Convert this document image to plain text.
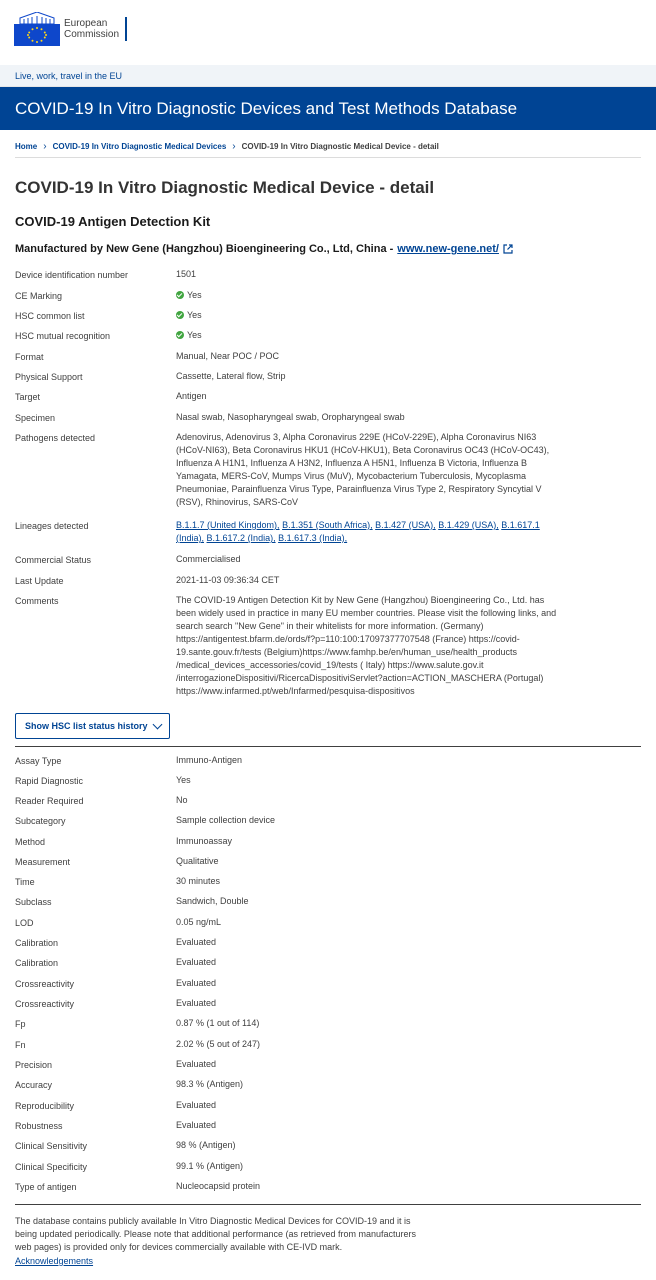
European
Commission
Live, work, travel in the EU
COVID-19 In Vitro Diagnostic Devices and Test Methods Database
Home › COVID-19 In Vitro Diagnostic Medical Devices › COVID-19 In Vitro Diagnostic Medical Device - detail
COVID-19 In Vitro Diagnostic Medical Device - detail
COVID-19 Antigen Detection Kit
Manufactured by New Gene (Hangzhou) Bioengineering Co., Ltd, China - www.new-gene.net/
Device identification number	1501
CE Marking	Yes
HSC common list	Yes
HSC mutual recognition	Yes
Format	Manual, Near POC / POC
Physical Support	Cassette, Lateral flow, Strip
Target	Antigen
Specimen	Nasal swab, Nasopharyngeal swab, Oropharyngeal swab
Pathogens detected	Adenovirus, Adenovirus 3, Alpha Coronavirus 229E (HCoV-229E), Alpha Coronavirus NI63 (HCoV-NI63), Beta Coronavirus HKU1 (HCoV-HKU1), Beta Coronavirus OC43 (HCoV-OC43), Influenza A H1N1, Influenza A H3N2, Influenza A H5N1, Influenza B Victoria, Influenza B Yamagata, MERS-CoV, Mumps Virus (MuV), Mycobacterium Tuberculosis, Mycoplasma Pneumoniae, Parainfluenza Virus Type, Parainfluenza Virus Type 2, Respiratory Syncytial V (RSV), Rhinovirus, SARS-CoV
Lineages detected	B.1.1.7 (United Kingdom), B.1.351 (South Africa), B.1.427 (USA), B.1.429 (USA), B.1.617.1 (India), B.1.617.2 (India), B.1.617.3 (India),
Commercial Status	Commercialised
Last Update	2021-11-03 09:36:34 CET
Comments	The COVID-19 Antigen Detection Kit by New Gene (Hangzhou) Bioengineering Co., Ltd. has been widely used in practice in many EU member countries. Please visit the following links, and search search "New Gene" in their whitelists for more information. (Germany) https://antigentest.bfarm.de/ords/f?p=110:100:17097377707548 (France) https://covid-19.sante.gouv.fr/tests (Belgium)https://www.famhp.be/en/human_use/health_products /medical_devices_accessories/covid_19/tests ( Italy) https://www.salute.gov.it /interrogazioneDispositivi/RicercaDispositiviServlet?action=ACTION_MASCHERA (Portugal) https://www.infarmed.pt/web/Infarmed/pesquisa-dispositivos
Show HSC list status history
Assay Type	Immuno-Antigen
Rapid Diagnostic	Yes
Reader Required	No
Subcategory	Sample collection device
Method	Immunoassay
Measurement	Qualitative
Time	30 minutes
Subclass	Sandwich, Double
LOD	0.05 ng/mL
Calibration	Evaluated
Calibration	Evaluated
Crossreactivity	Evaluated
Crossreactivity	Evaluated
Fp	0.87 % (1 out of 114)
Fn	2.02 % (5 out of 247)
Precision	Evaluated
Accuracy	98.3 % (Antigen)
Reproducibility	Evaluated
Robustness	Evaluated
Clinical Sensitivity	98 % (Antigen)
Clinical Specificity	99.1 % (Antigen)
Type of antigen	Nucleocapsid protein
The database contains publicly available In Vitro Diagnostic Medical Devices for COVID-19 and it is being updated periodically. Please note that additional performance (as retrieved from manufacturers web pages) is provided only for devices commercially available with CE-IVD mark.
Acknowledgements
